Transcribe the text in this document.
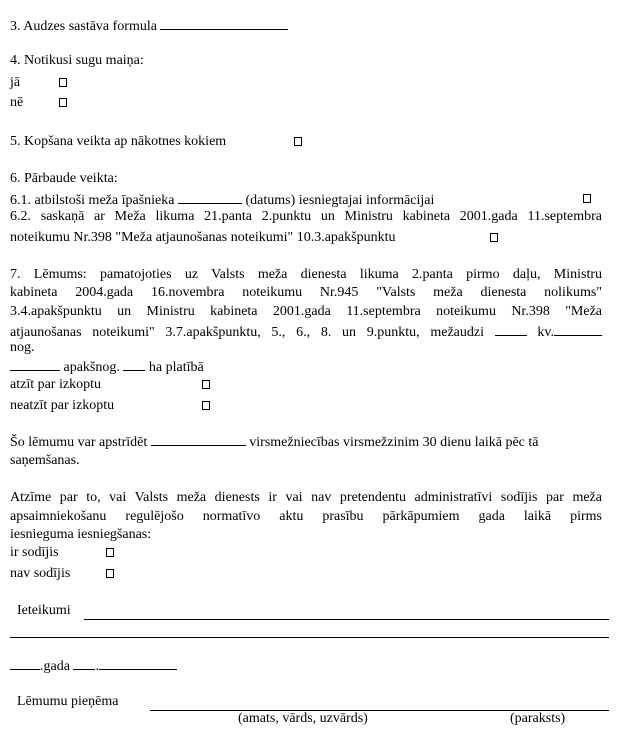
3. Audzes sastāva formula
4. Notikusi sugu maiņa:
jā
nē
5. Kopšana veikta ap nākotnes kokiem
6. Pārbaude veikta:
6.1. atbilstoši meža īpašnieka	(datums) iesniegtajai informācijai
6.2. saskaņā ar Meža likuma 21.panta 2.punktu un Ministru kabineta 2001.gada 11.septembra
noteikumu Nr.398 "Meža atjaunošanas noteikumi" 10.3.apakšpunktu
7. Lēmums: pamatojoties uz Valsts meža dienesta likuma 2.panta pirmo daļu, Ministru
kabineta 2004.gada 16.novembra noteikumu Nr.945 "Valsts meža dienesta nolikums"
3.4.apakšpunktu un Ministru kabineta 2001.gada 11.septembra noteikumu Nr.398 "Meža
atjaunošanas noteikumi" 3.7.apakšpunktu, 5., 6., 8. un 9.punktu, mežaudzi	kv.
nog.
apakšnog. ha platībā
atzīt par izkoptu
neatzīt par izkoptu
Šo lēmumu var apstrīdēt	virsmežniecības virsmežzinim 30 dienu laikā pēc tā
saņemšanas.
Atzīme par to, vai Valsts meža dienests ir vai nav pretendentu administratīvi sodījis par meža
apsaimniekošanu regulējošo normatīvo aktu prasību pārkāpumiem gada laikā pirms
iesnieguma iesniegšanas:
ir sodījis
nav sodījis
Ieteikumi
.gada .
Lēmumu pieņēma
(amats, vārds, uzvārds)	(paraksts)
